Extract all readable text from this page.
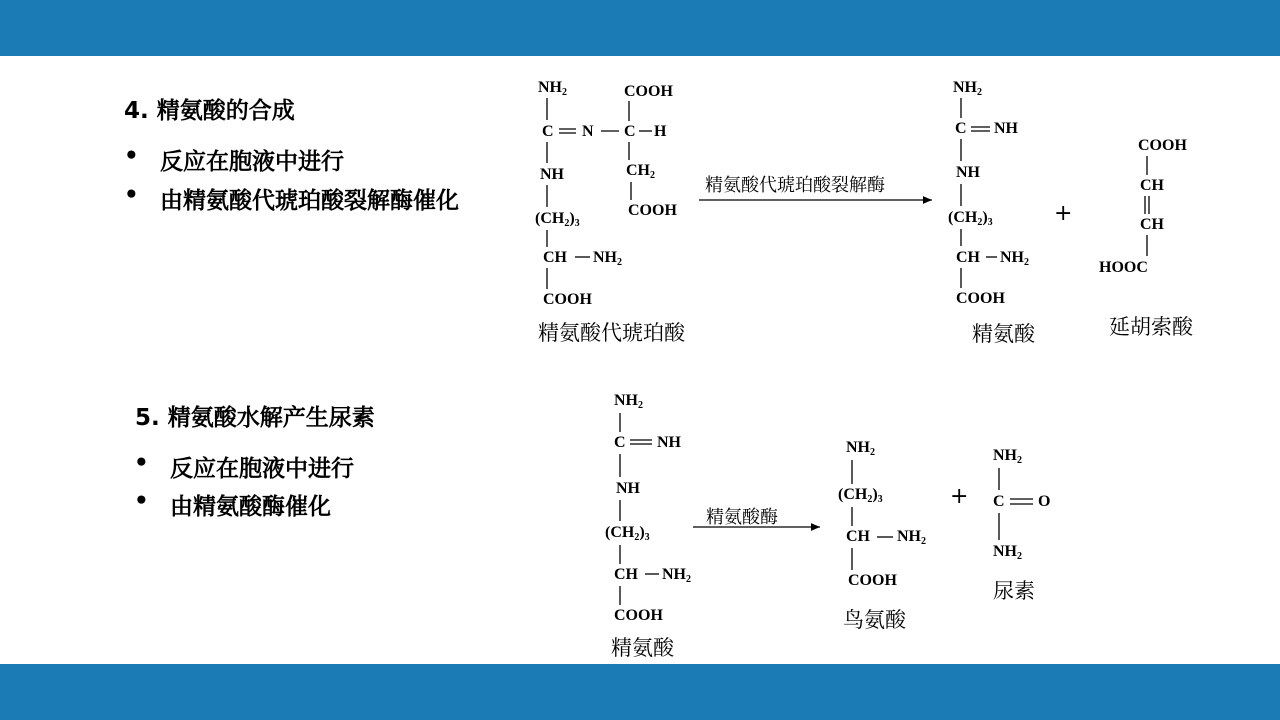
4. 精氨酸的合成
• 反应在胞液中进行
• 由精氨酸代琥珀酸裂解酶催化
5. 精氨酸水解产生尿素
• 反应在胞液中进行
• 由精氨酸酶催化
$NH_2$
C N C H
COOH
$CH_2$
COOH
NH
$(CH_2)_3$
CH $NH_2$
COOH
精氨酸代琥珀酸
精氨酸代琥珀酸裂解酶
$NH_2$
C NH
NH
$(CH_2)_3$
CH $NH_2$
COOH
精氨酸
+
COOH
CH
CH
HOOC
延胡索酸
$NH_2$
C NH
NH
$(CH_2)_3$
CH $NH_2$
COOH
精氨酸
精氨酸酶
$NH_2$
$(CH_2)_3$
CH $NH_2$
COOH
鸟氨酸
+
$NH_2$
C O
$NH_2$
尿素
